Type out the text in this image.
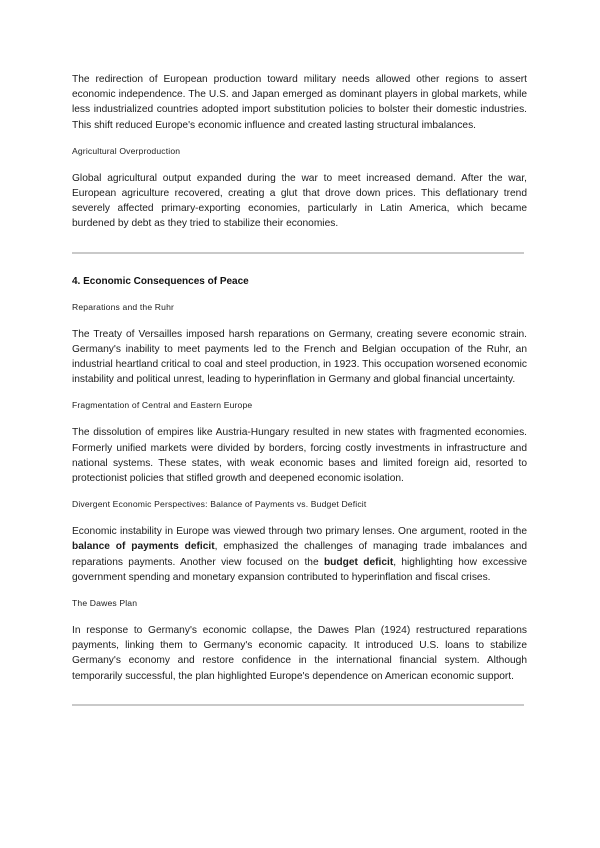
The redirection of European production toward military needs allowed other regions to assert economic independence. The U.S. and Japan emerged as dominant players in global markets, while less industrialized countries adopted import substitution policies to bolster their domestic industries. This shift reduced Europe's economic influence and created lasting structural imbalances.

Agricultural Overproduction

Global agricultural output expanded during the war to meet increased demand. After the war, European agriculture recovered, creating a glut that drove down prices. This deflationary trend severely affected primary-exporting economies, particularly in Latin America, which became burdened by debt as they tried to stabilize their economies.

4. Economic Consequences of Peace
Reparations and the Ruhr

The Treaty of Versailles imposed harsh reparations on Germany, creating severe economic strain. Germany's inability to meet payments led to the French and Belgian occupation of the Ruhr, an industrial heartland critical to coal and steel production, in 1923. This occupation worsened economic instability and political unrest, leading to hyperinflation in Germany and global financial uncertainty.

Fragmentation of Central and Eastern Europe

The dissolution of empires like Austria-Hungary resulted in new states with fragmented economies. Formerly unified markets were divided by borders, forcing costly investments in infrastructure and national systems. These states, with weak economic bases and limited foreign aid, resorted to protectionist policies that stifled growth and deepened economic isolation.

Divergent Economic Perspectives: Balance of Payments vs. Budget Deficit

Economic instability in Europe was viewed through two primary lenses. One argument, rooted in the balance of payments deficit, emphasized the challenges of managing trade imbalances and reparations payments. Another view focused on the budget deficit, highlighting how excessive government spending and monetary expansion contributed to hyperinflation and fiscal crises.

The Dawes Plan

In response to Germany's economic collapse, the Dawes Plan (1924) restructured reparations payments, linking them to Germany's economic capacity. It introduced U.S. loans to stabilize Germany's economy and restore confidence in the international financial system. Although temporarily successful, the plan highlighted Europe's dependence on American economic support.
